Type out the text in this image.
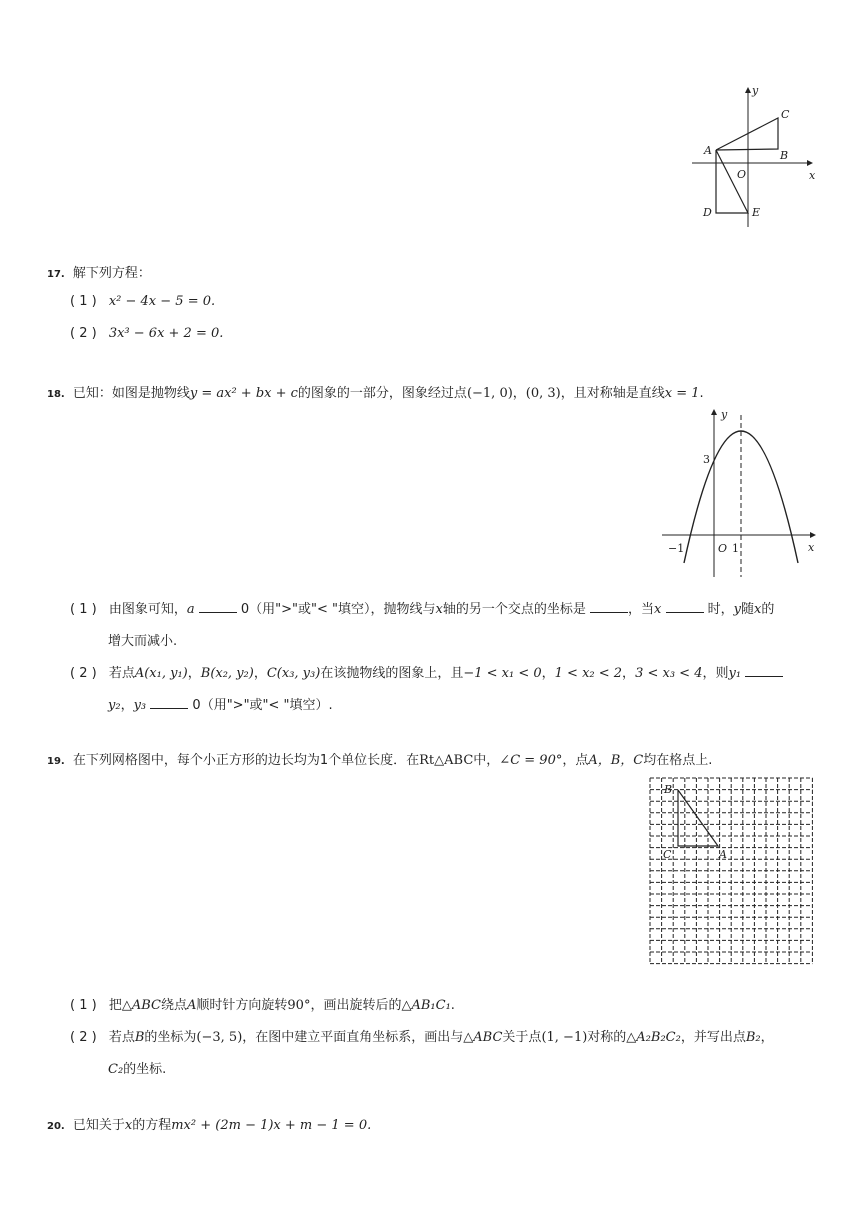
y
x
C
A	B
O
D	E
17. 解下列方程：
( 1 ) x² − 4x − 5 = 0.
( 2 ) 3x³ − 6x + 2 = 0.
18. 已知：如图是抛物线y = ax² + bx + c的图象的一部分，图象经过点(−1, 0)，(0, 3)，且对称轴是直线x = 1.
y
x
3
−1	O 1
( 1 ) 由图象可知，a	0（用">"或"< "填空），抛物线与x轴的另一个交点的坐标是	，当x	时，y随x的
增大而减小.
( 2 ) 若点A(x₁, y₁)，B(x₂, y₂)，C(x₃, y₃)在该抛物线的图象上，且−1 < x₁ < 0，1 < x₂ < 2，3 < x₃ < 4，则y₁
y₂，y₃	0（用">"或"< "填空）.
19. 在下列网格图中，每个小正方形的边长均为1个单位长度．在Rt△ABC中，∠C = 90°，点A，B，C均在格点上.
B
C	A
( 1 ) 把△ABC绕点A顺时针方向旋转90°，画出旋转后的△AB₁C₁.
( 2 ) 若点B的坐标为(−3, 5)，在图中建立平面直角坐标系，画出与△ABC关于点(1, −1)对称的△A₂B₂C₂，并写出点B₂，
C₂的坐标.
20. 已知关于x的方程mx² + (2m − 1)x + m − 1 = 0.
